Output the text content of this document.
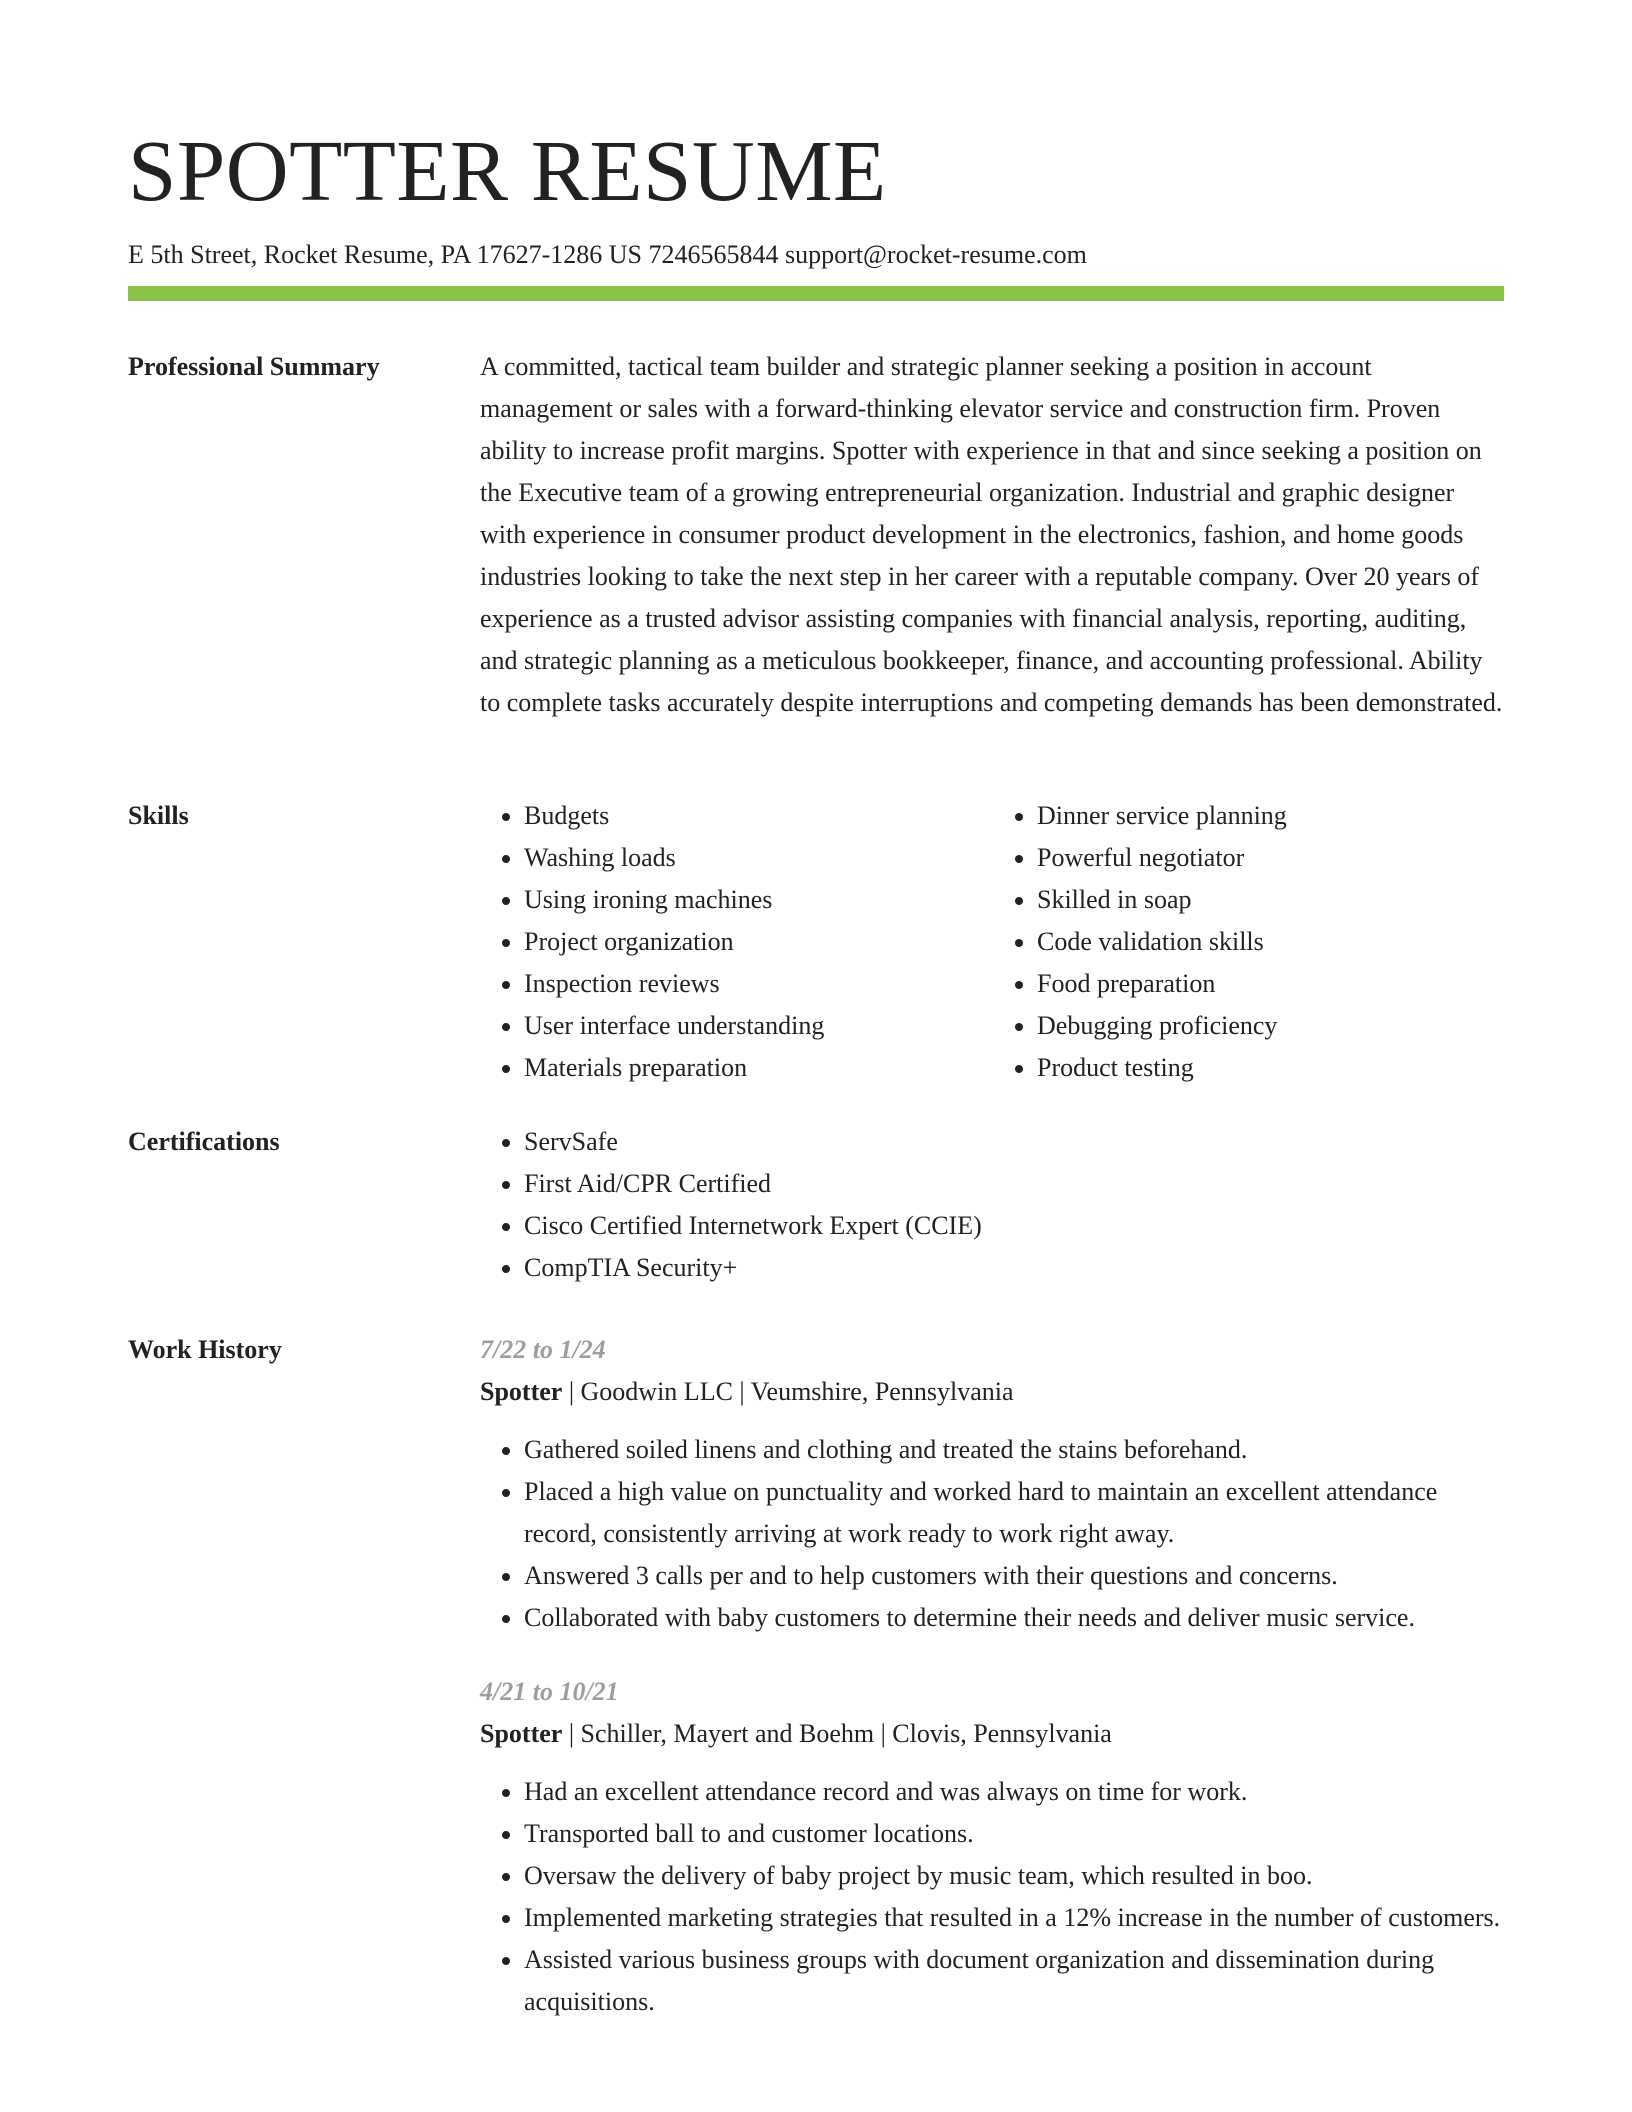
SPOTTER RESUME
E 5th Street, Rocket Resume, PA 17627-1286 US 7246565844 support@rocket-resume.com
Professional Summary	A committed, tactical team builder and strategic planner seeking a position in account management or sales with a forward-thinking elevator service and construction firm. Proven ability to increase profit margins. Spotter with experience in that and since seeking a position on the Executive team of a growing entrepreneurial organization. Industrial and graphic designer with experience in consumer product development in the electronics, fashion, and home goods industries looking to take the next step in her career with a reputable company. Over 20 years of experience as a trusted advisor assisting companies with financial analysis, reporting, auditing, and strategic planning as a meticulous bookkeeper, finance, and accounting professional. Ability to complete tasks accurately despite interruptions and competing demands has been demonstrated.

Skills	• Budgets
• Washing loads
• Using ironing machines
• Project organization
• Inspection reviews
• User interface understanding
• Materials preparation
• Dinner service planning
• Powerful negotiator
• Skilled in soap
• Code validation skills
• Food preparation
• Debugging proficiency
• Product testing
Certifications	• ServSafe
• First Aid/CPR Certified
• Cisco Certified Internetwork Expert (CCIE)
• CompTIA Security+
Work History	7/22 to 1/24
Spotter | Goodwin LLC | Veumshire, Pennsylvania
• Gathered soiled linens and clothing and treated the stains beforehand.
• Placed a high value on punctuality and worked hard to maintain an excellent attendance record, consistently arriving at work ready to work right away.
• Answered 3 calls per and to help customers with their questions and concerns.
• Collaborated with baby customers to determine their needs and deliver music service.
4/21 to 10/21
Spotter | Schiller, Mayert and Boehm | Clovis, Pennsylvania
• Had an excellent attendance record and was always on time for work.
• Transported ball to and customer locations.
• Oversaw the delivery of baby project by music team, which resulted in boo.
• Implemented marketing strategies that resulted in a 12% increase in the number of customers.
• Assisted various business groups with document organization and dissemination during acquisitions.
